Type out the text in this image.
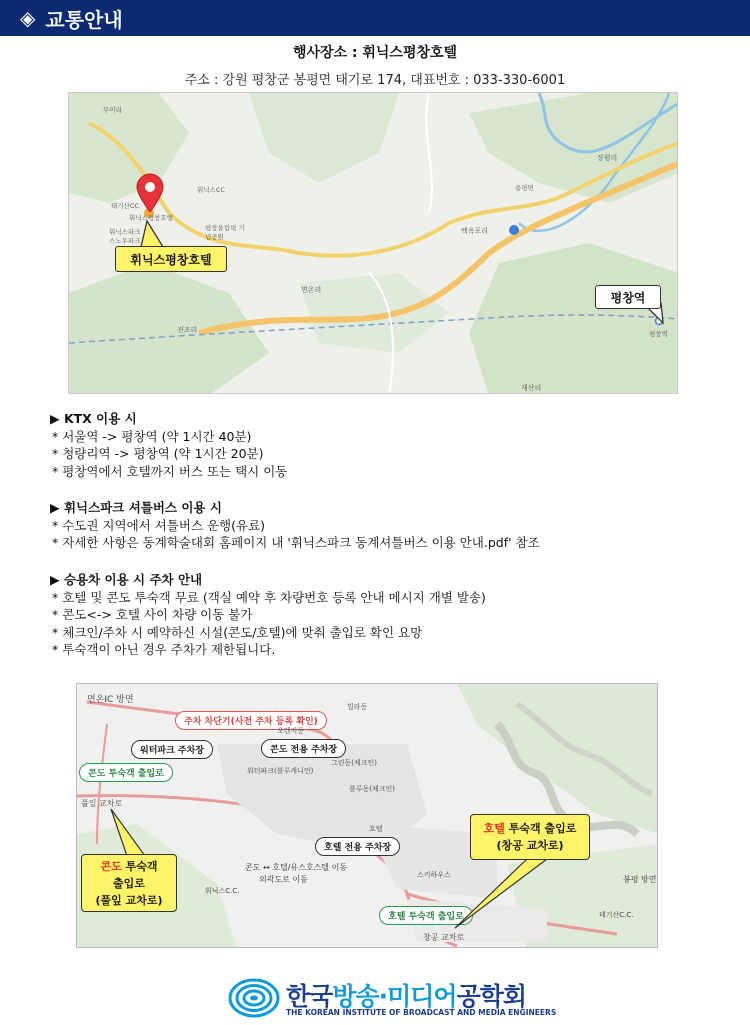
◈ 교통안내
행사장소 : 휘닉스평창호텔
주소 : 강원 평창군 봉평면 태기로 174, 대표번호 : 033-330-6001
무이리
태기산CC
휘닉스CC
휘닉스평창호텔
휘닉스파크 스노우파크
평창올림픽 기념공원
백옥포리
면온리
진조리
장평리
용평면
재산리
평창역
휘닉스평창호텔
평창역
▶ KTX 이용 시
* 서울역 -> 평창역 (약 1시간 40분)
* 청량리역 -> 평창역 (약 1시간 20분)
* 평창역에서 호텔까지 버스 또는 택시 이동
▶ 휘닉스파크 셔틀버스 이용 시
* 수도권 지역에서 셔틀버스 운행(유료)
* 자세한 사항은 동계학술대회 홈페이지 내 '휘닉스파크 동계셔틀버스 이용 안내.pdf' 참조
▶ 승용차 이용 시 주차 안내
* 호텔 및 콘도 투숙객 무료 (객실 예약 후 차량번호 등록 안내 메시지 개별 발송)
* 콘도<-> 호텔 사이 차량 이동 불가
* 체크인/주차 시 예약하신 시설(콘도/호텔)에 맞춰 출입로 확인 요망
* 투숙객이 아닌 경우 주차가 제한됩니다.
면온IC 방면
주차 차단기(사전 주차 등록 확인)
워터파크 주차장	콘도 전용 주차장
콘도 투숙객 출입로
호텔 전용 주차장
호텔 투숙객 출입로
빌라동
오렌지동
그린동(체크인)
워터파크(블루캐니언)
블루동(체크인)
호텔
스키하우스
휘닉스C.C.
태기산C.C.
봉평 방면
풀잎 교차로
창공 교차로
콘도 ↔ 호텔/유스호스텔 이동
외곽도로 이동
콘도 투숙객
출입로
(풀잎 교차로)
호텔 투숙객 출입로
(창공 교차로)
한국방송·미디어공학회
THE KOREAN INSTITUTE OF BROADCAST AND MEDIA ENGINEERS
